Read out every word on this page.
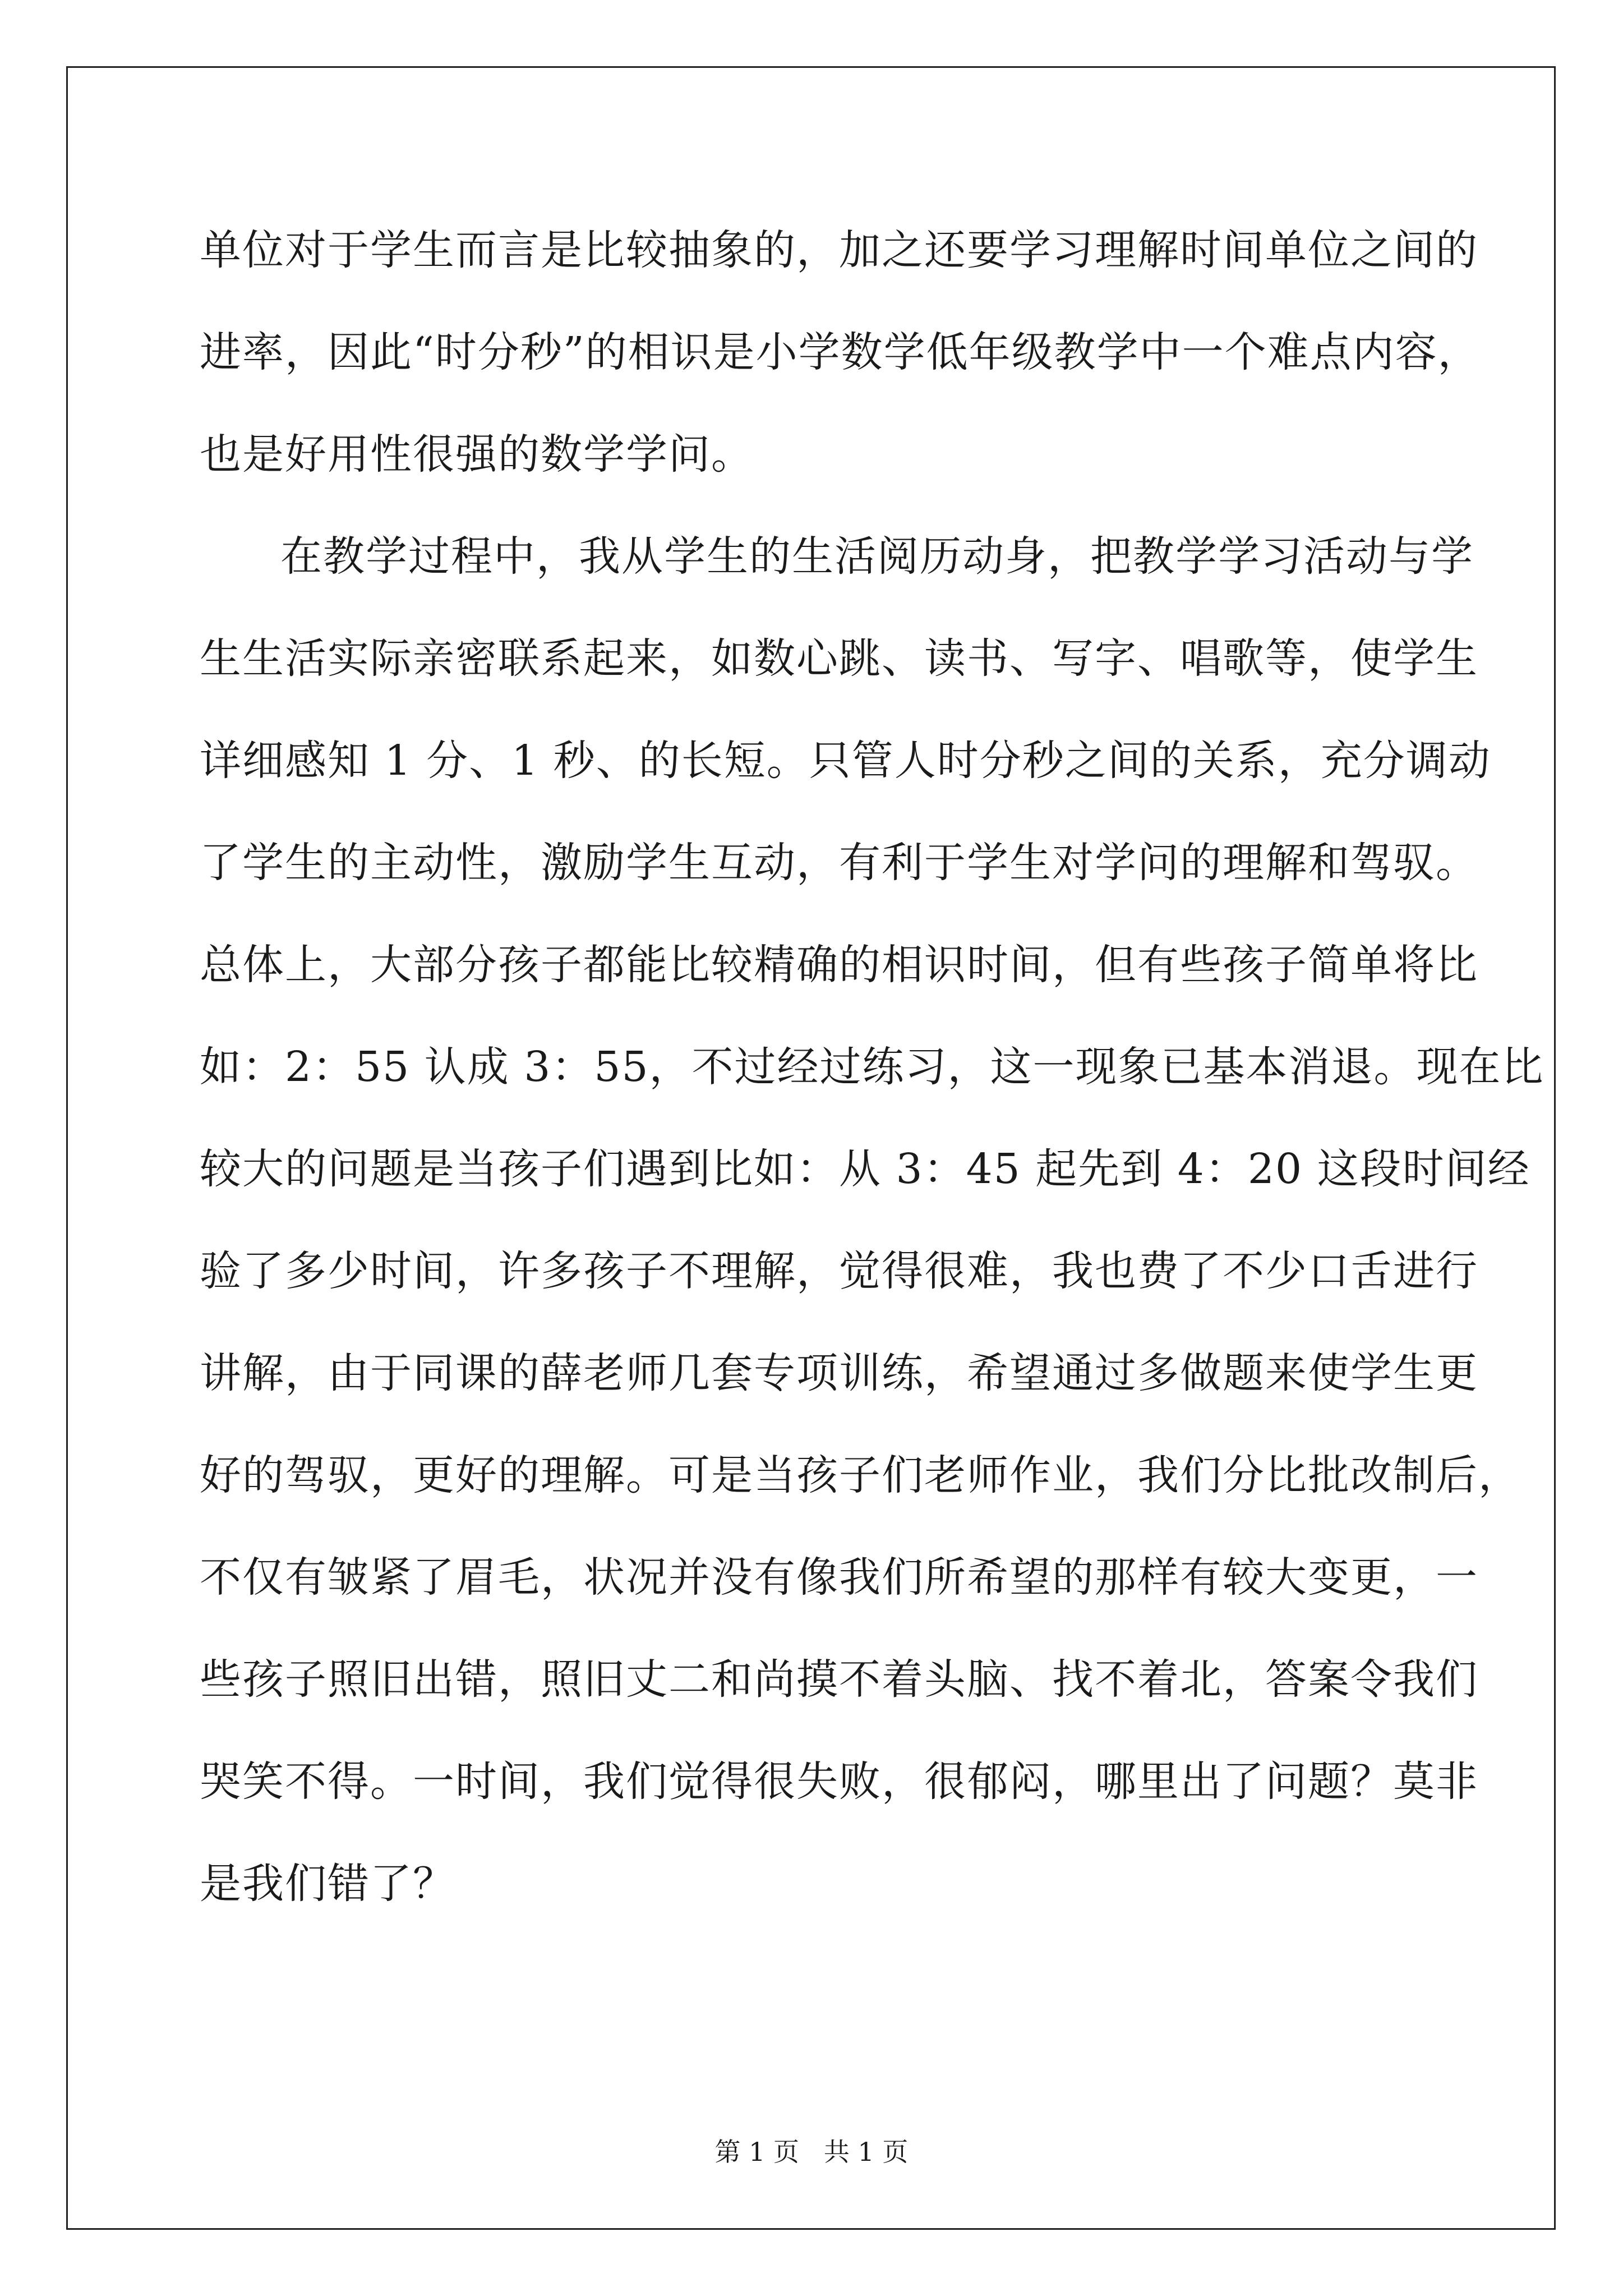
单位对于学生而言是比较抽象的，加之还要学习理解时间单位之间的
进率，因此“时分秒”的相识是小学数学低年级教学中一个难点内容，
也是好用性很强的数学学问。
在教学过程中，我从学生的生活阅历动身，把教学学习活动与学
生生活实际亲密联系起来，如数心跳、读书、写字、唱歌等，使学生
详细感知 1 分、1 秒、的长短。只管人时分秒之间的关系，充分调动
了学生的主动性，激励学生互动，有利于学生对学问的理解和驾驭。
总体上，大部分孩子都能比较精确的相识时间，但有些孩子简单将比
如：2：55 认成 3：55，不过经过练习，这一现象已基本消退。现在比
较大的问题是当孩子们遇到比如：从 3：45 起先到 4：20 这段时间经
验了多少时间，许多孩子不理解，觉得很难，我也费了不少口舌进行
讲解，由于同课的薛老师几套专项训练，希望通过多做题来使学生更
好的驾驭，更好的理解。可是当孩子们老师作业，我们分比批改制后，
不仅有皱紧了眉毛，状况并没有像我们所希望的那样有较大变更，一
些孩子照旧出错，照旧丈二和尚摸不着头脑、找不着北，答案令我们
哭笑不得。一时间，我们觉得很失败，很郁闷，哪里出了问题？莫非
是我们错了？
第 1 页   共 1 页
